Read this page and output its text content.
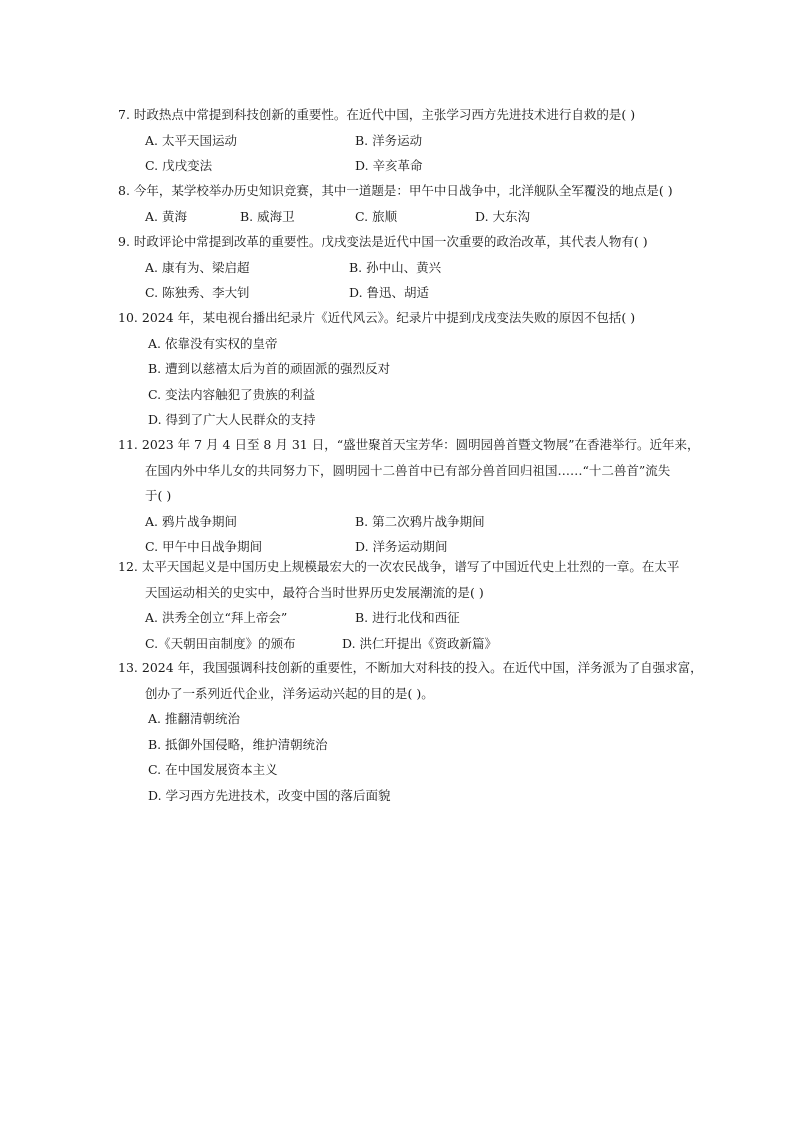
7. 时政热点中常提到科技创新的重要性。在近代中国，主张学习西方先进技术进行自救的是( )
A. 太平天国运动	B. 洋务运动
C. 戊戌变法	D. 辛亥革命
8. 今年，某学校举办历史知识竞赛，其中一道题是：甲午中日战争中，北洋舰队全军覆没的地点是( )
A. 黄海	B. 威海卫	C. 旅顺	D. 大东沟
9. 时政评论中常提到改革的重要性。戊戌变法是近代中国一次重要的政治改革，其代表人物有( )
A. 康有为、梁启超	B. 孙中山、黄兴
C. 陈独秀、李大钊	D. 鲁迅、胡适
10. 2024 年，某电视台播出纪录片《近代风云》。纪录片中提到戊戌变法失败的原因不包括( )
A. 依靠没有实权的皇帝
B. 遭到以慈禧太后为首的顽固派的强烈反对
C. 变法内容触犯了贵族的利益
D. 得到了广大人民群众的支持
11. 2023 年 7 月 4 日至 8 月 31 日，“盛世聚首天宝芳华：圆明园兽首暨文物展”在香港举行。近年来，
在国内外中华儿女的共同努力下，圆明园十二兽首中已有部分兽首回归祖国……“十二兽首”流失
于( )
A. 鸦片战争期间	B. 第二次鸦片战争期间
C. 甲午中日战争期间	D. 洋务运动期间
12. 太平天国起义是中国历史上规模最宏大的一次农民战争，谱写了中国近代史上壮烈的一章。在太平
天国运动相关的史实中，最符合当时世界历史发展潮流的是( )
A. 洪秀全创立“拜上帝会”	B. 进行北伐和西征
C.《天朝田亩制度》的颁布	D. 洪仁玕提出《资政新篇》
13. 2024 年，我国强调科技创新的重要性，不断加大对科技的投入。在近代中国，洋务派为了自强求富，
创办了一系列近代企业，洋务运动兴起的目的是( )。
A. 推翻清朝统治
B. 抵御外国侵略，维护清朝统治
C. 在中国发展资本主义
D. 学习西方先进技术，改变中国的落后面貌
